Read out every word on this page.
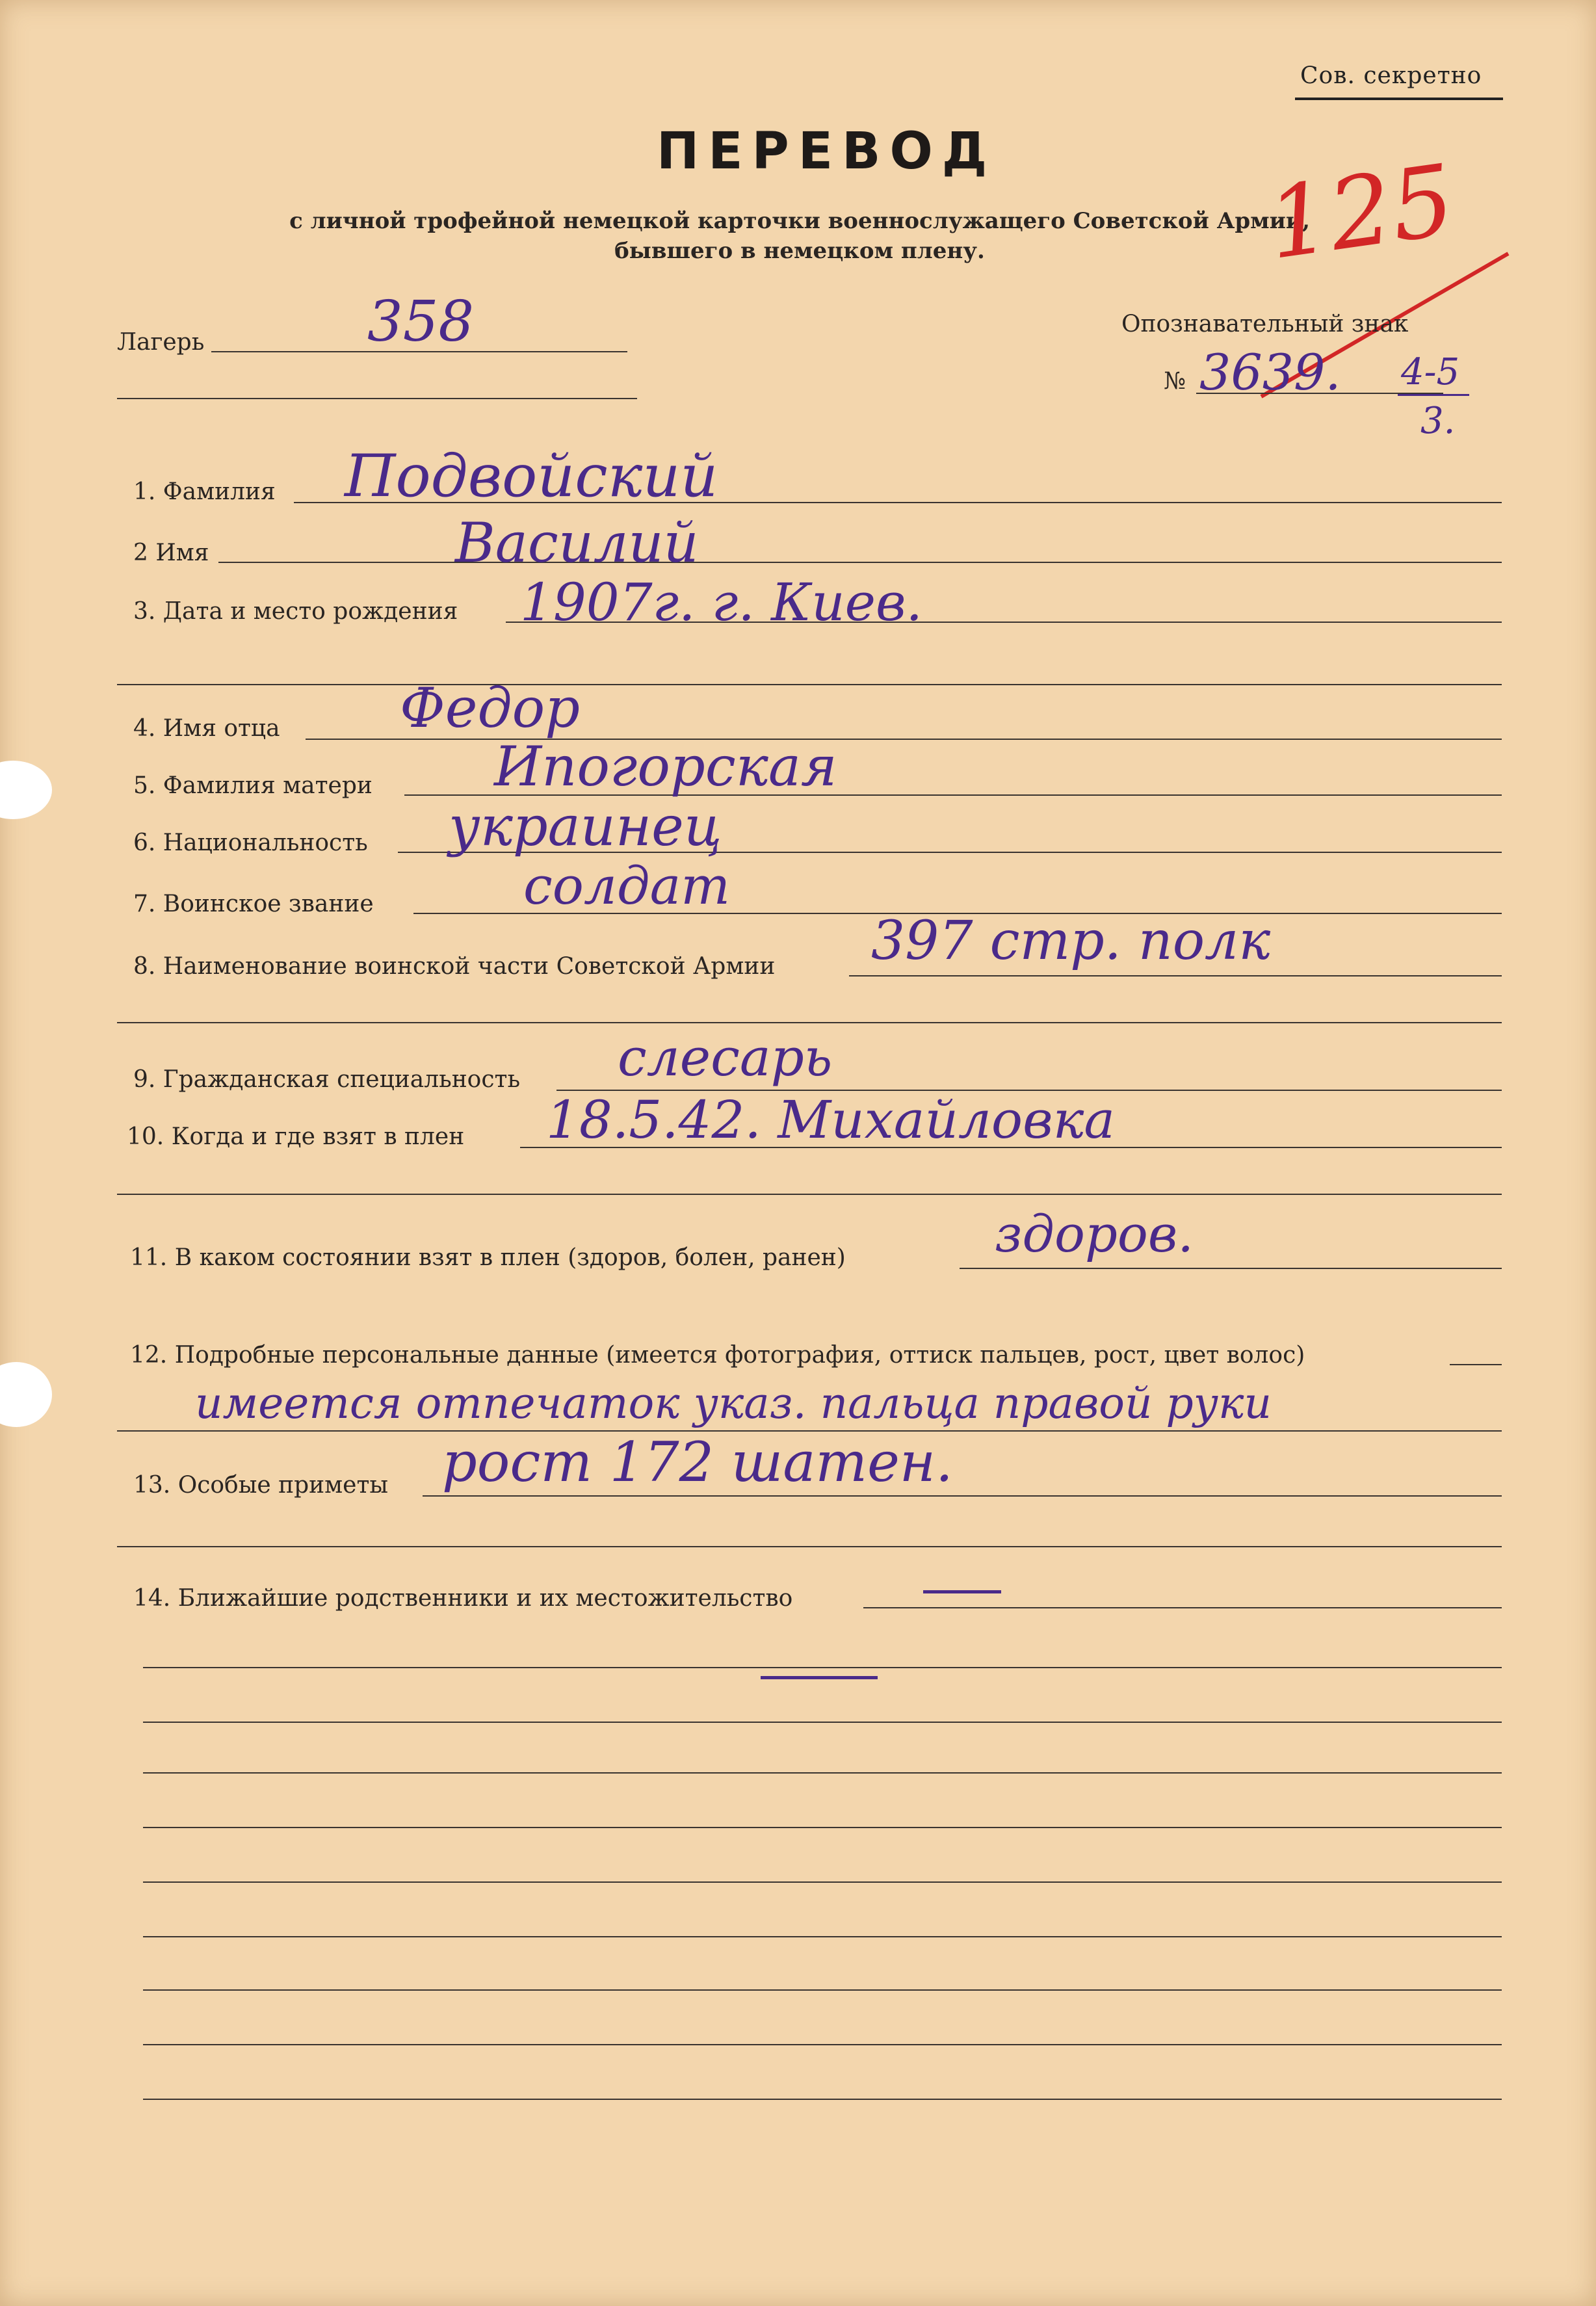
Сов. секретно
ПЕРЕВОД
с личной трофейной немецкой карточки военнослужащего Советской Армии,
бывшего в немецком плену.	125
Лагерь	358	Опознавательный знак
№ 3639. 4-5
3.
1. Фамилия Подвойский
2 Имя	Василий
3. Дата и место рождения 1907г. г. Киев.
4. Имя отца Федор
5. Фамилия матери Ипогорская
6. Национальность украинец
7. Воинское звание	солдат
8. Наименование воинской части Советской Армии 397 стр. полк
9. Гражданская специальность слесарь
10. Когда и где взят в плен 18.5.42. Михайловка
11. В каком состоянии взят в плен (здоров, болен, ранен)	здоров.
12. Подробные персональные данные (имеется фотография, оттиск пальцев, рост, цвет волос)
имеется отпечаток указ. пальца правой руки
13. Особые приметы рост 172 шатен.
14. Ближайшие родственники и их местожительство
